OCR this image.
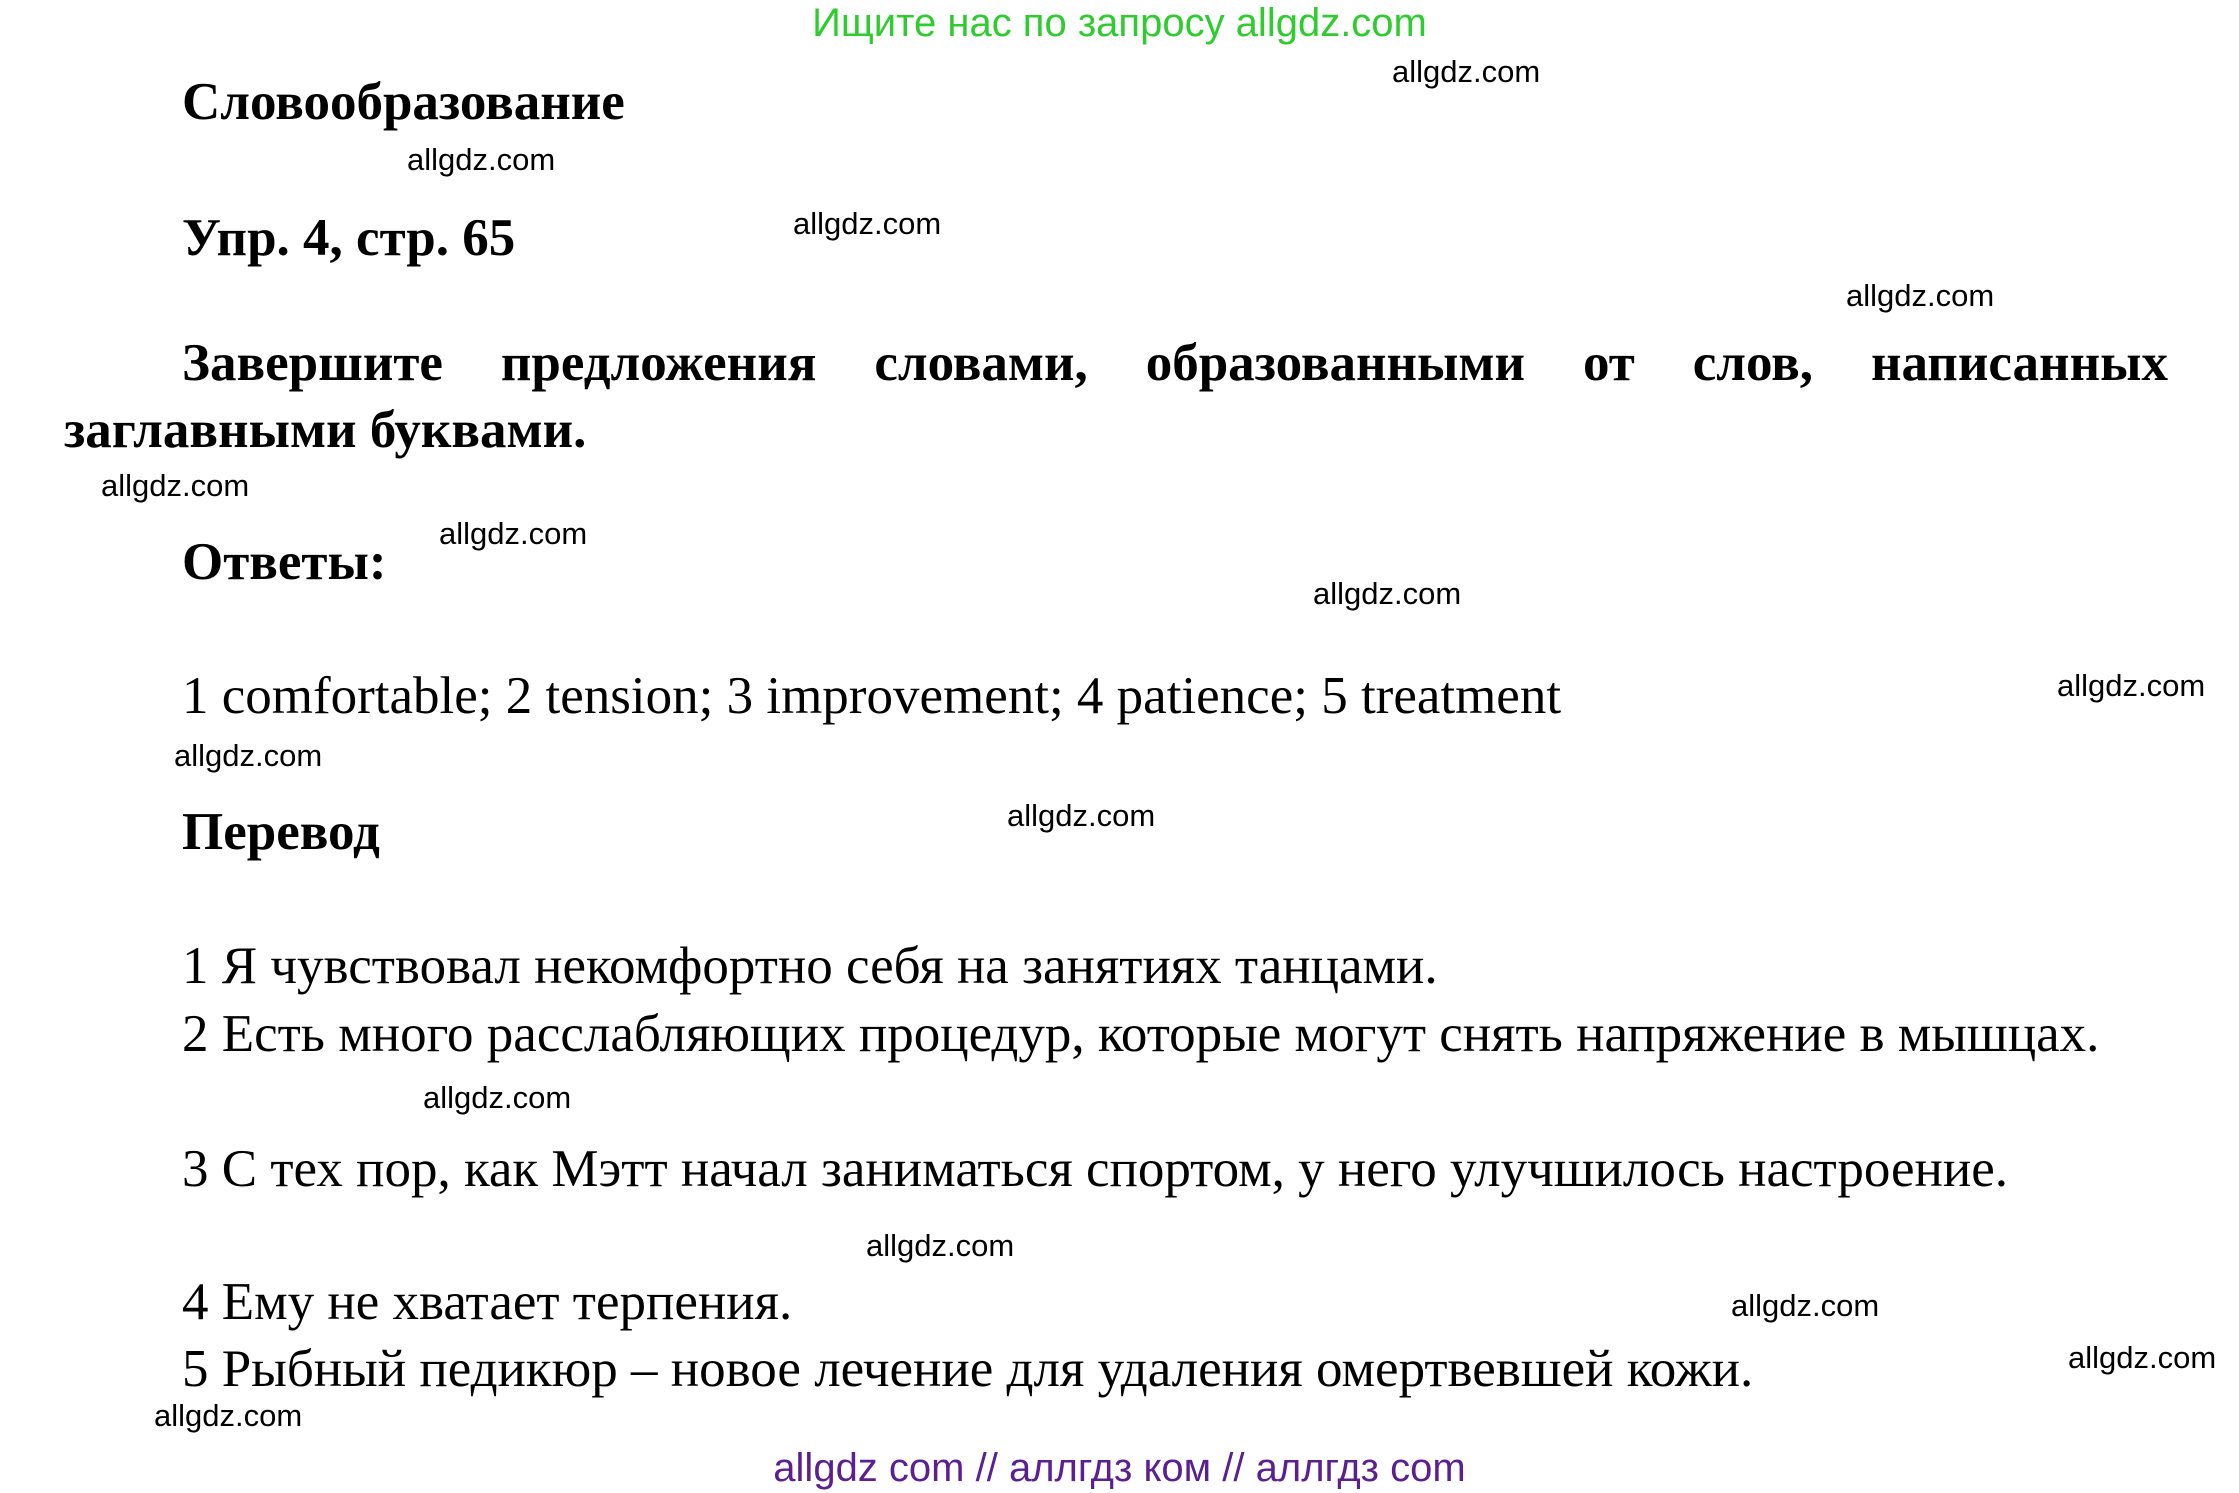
Ищите нас по запросу allgdz.com
Словообразование
Упр. 4, стр. 65
Завершите предложения словами, образованными от слов, написанных заглавными буквами.
Ответы:
1 comfortable; 2 tension; 3 improvement; 4 patience; 5 treatment
Перевод
1 Я чувствовал некомфортно себя на занятиях танцами.
2 Есть много расслабляющих процедур, которые могут снять напряжение в мышцах.
3 С тех пор, как Мэтт начал заниматься спортом, у него улучшилось настроение.
4 Ему не хватает терпения.
5 Рыбный педикюр – новое лечение для удаления омертвевшей кожи.
allgdz.com
allgdz.com
allgdz.com
allgdz.com
allgdz.com
allgdz.com
allgdz.com
allgdz.com
allgdz.com
allgdz.com
allgdz.com
allgdz.com
allgdz.com
allgdz.com
allgdz.com
allgdz com // аллгдз ком // аллгдз com
